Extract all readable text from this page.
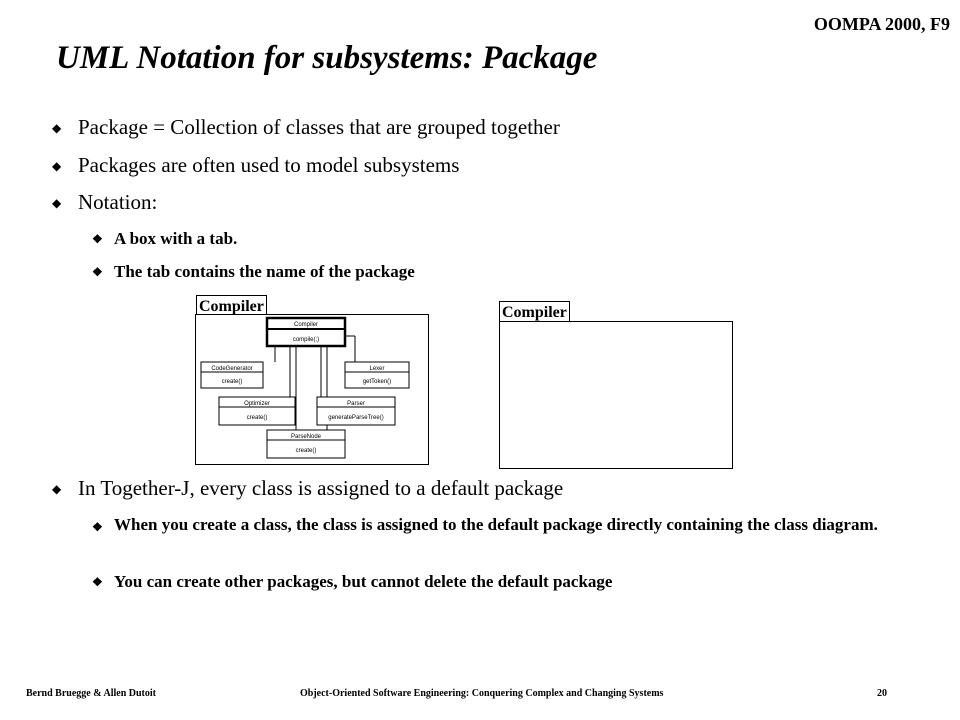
OOMPA 2000, F9
UML Notation for subsystems: Package
◆ Package = Collection of classes that are grouped together
◆ Packages are often used to model subsystems
◆ Notation:
❖ A box with a tab.
❖ The tab contains the name of the package
Compiler
Compiler
compile(;)
CodeGenerator
create()
Lexer
getToken()
Optimizer
create()
Parser
generateParseTree()
ParseNode
create()
Compiler
◆ In Together-J, every class is assigned to a default package
❖ When you create a class, the class is assigned to the default package directly containing the class diagram.
❖ You can create other packages, but cannot delete the default package
Bernd Bruegge & Allen Dutoit	Object-Oriented Software Engineering: Conquering Complex and Changing Systems	20
